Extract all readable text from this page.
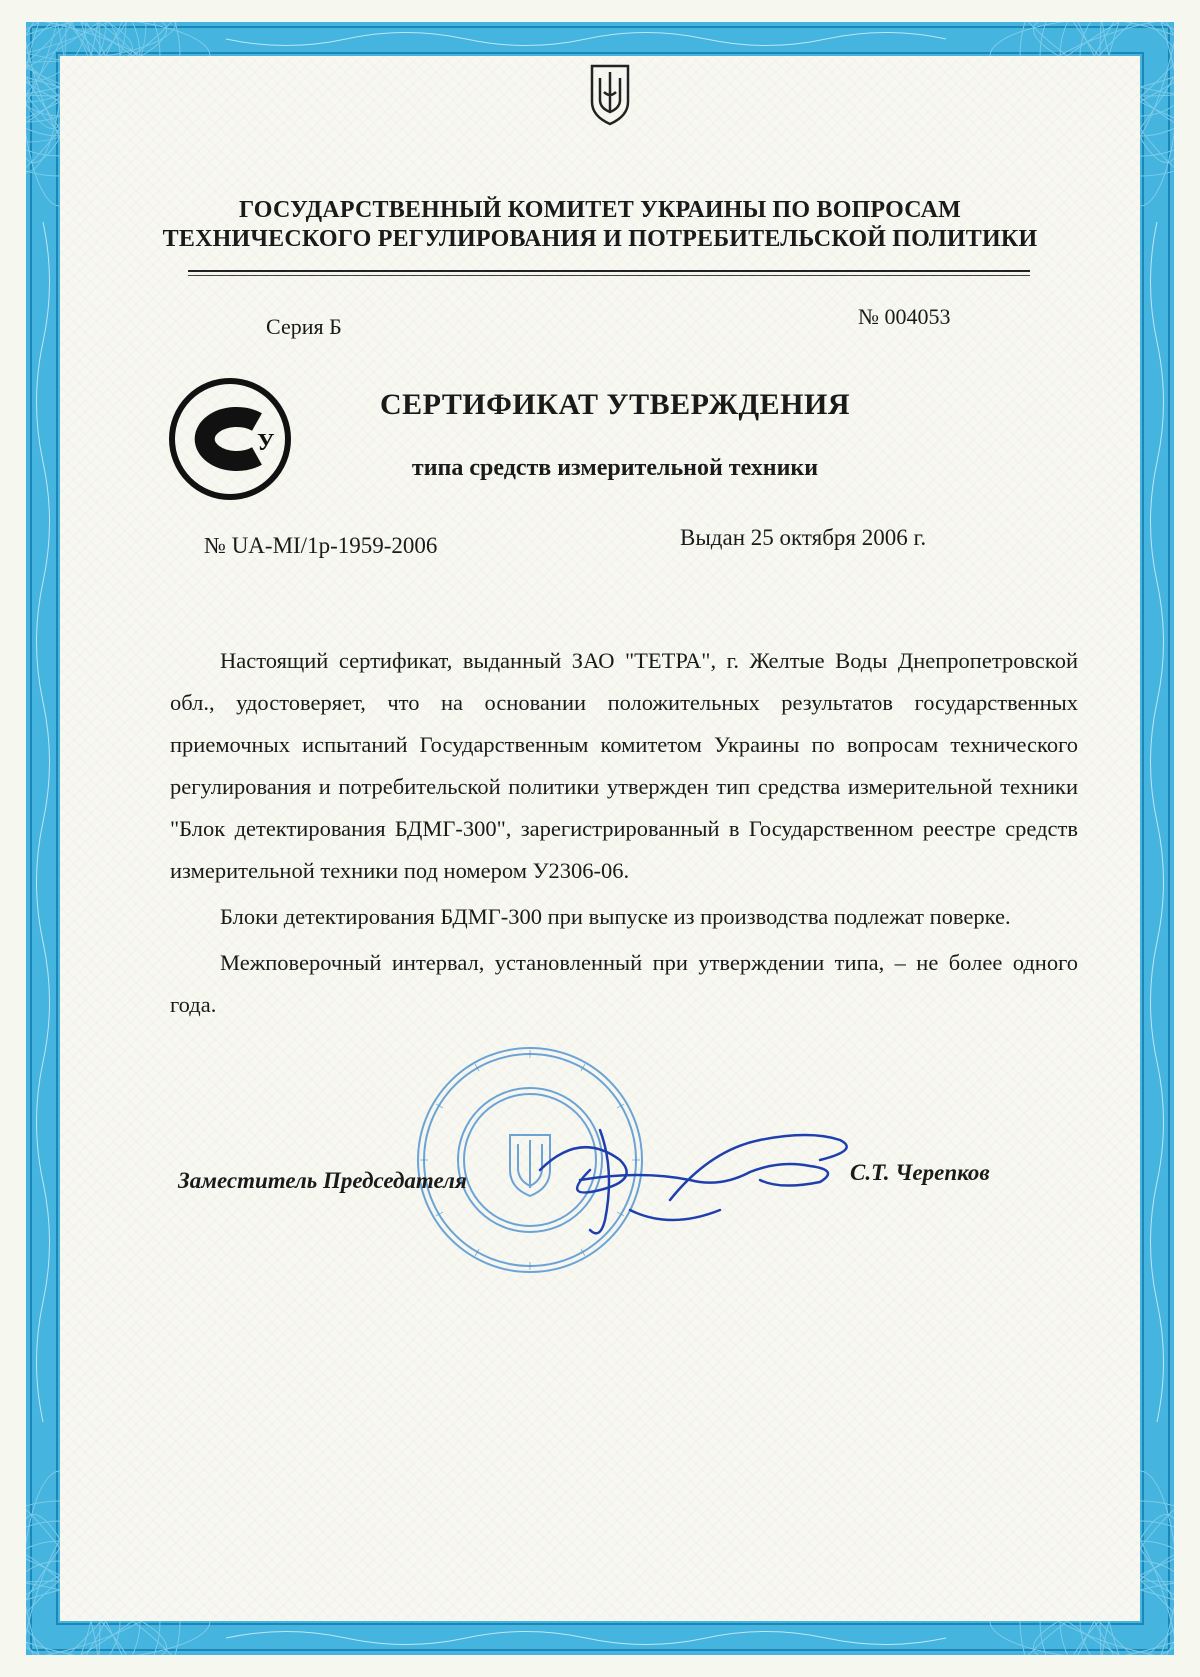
ГОСУДАРСТВЕННЫЙ КОМИТЕТ УКРАИНЫ ПО ВОПРОСАМ
ТЕХНИЧЕСКОГО РЕГУЛИРОВАНИЯ И ПОТРЕБИТЕЛЬСКОЙ ПОЛИТИКИ
Серия Б	№ 004053
У
СЕРТИФИКАТ УТВЕРЖДЕНИЯ
типа средств измерительной техники
№ UA-MI/1р-1959-2006	Выдан 25 октября 2006 г.

Настоящий сертификат, выданный ЗАО "ТЕТРА", г. Желтые Воды Днепропетровской обл., удостоверяет, что на основании положительных результатов государственных приемочных испытаний Государственным комитетом Украины по вопросам технического регулирования и потребительской политики утвержден тип средства измерительной техники "Блок детектирования БДМГ-300", зарегистрированный в Государственном реестре средств измерительной техники под номером У2306-06.

Блоки детектирования БДМГ-300 при выпуске из производства подлежат поверке.

Межповерочный интервал, установленный при утверждении типа, – не более одного года.

Заместитель Председателя	С.Т. Черепков
